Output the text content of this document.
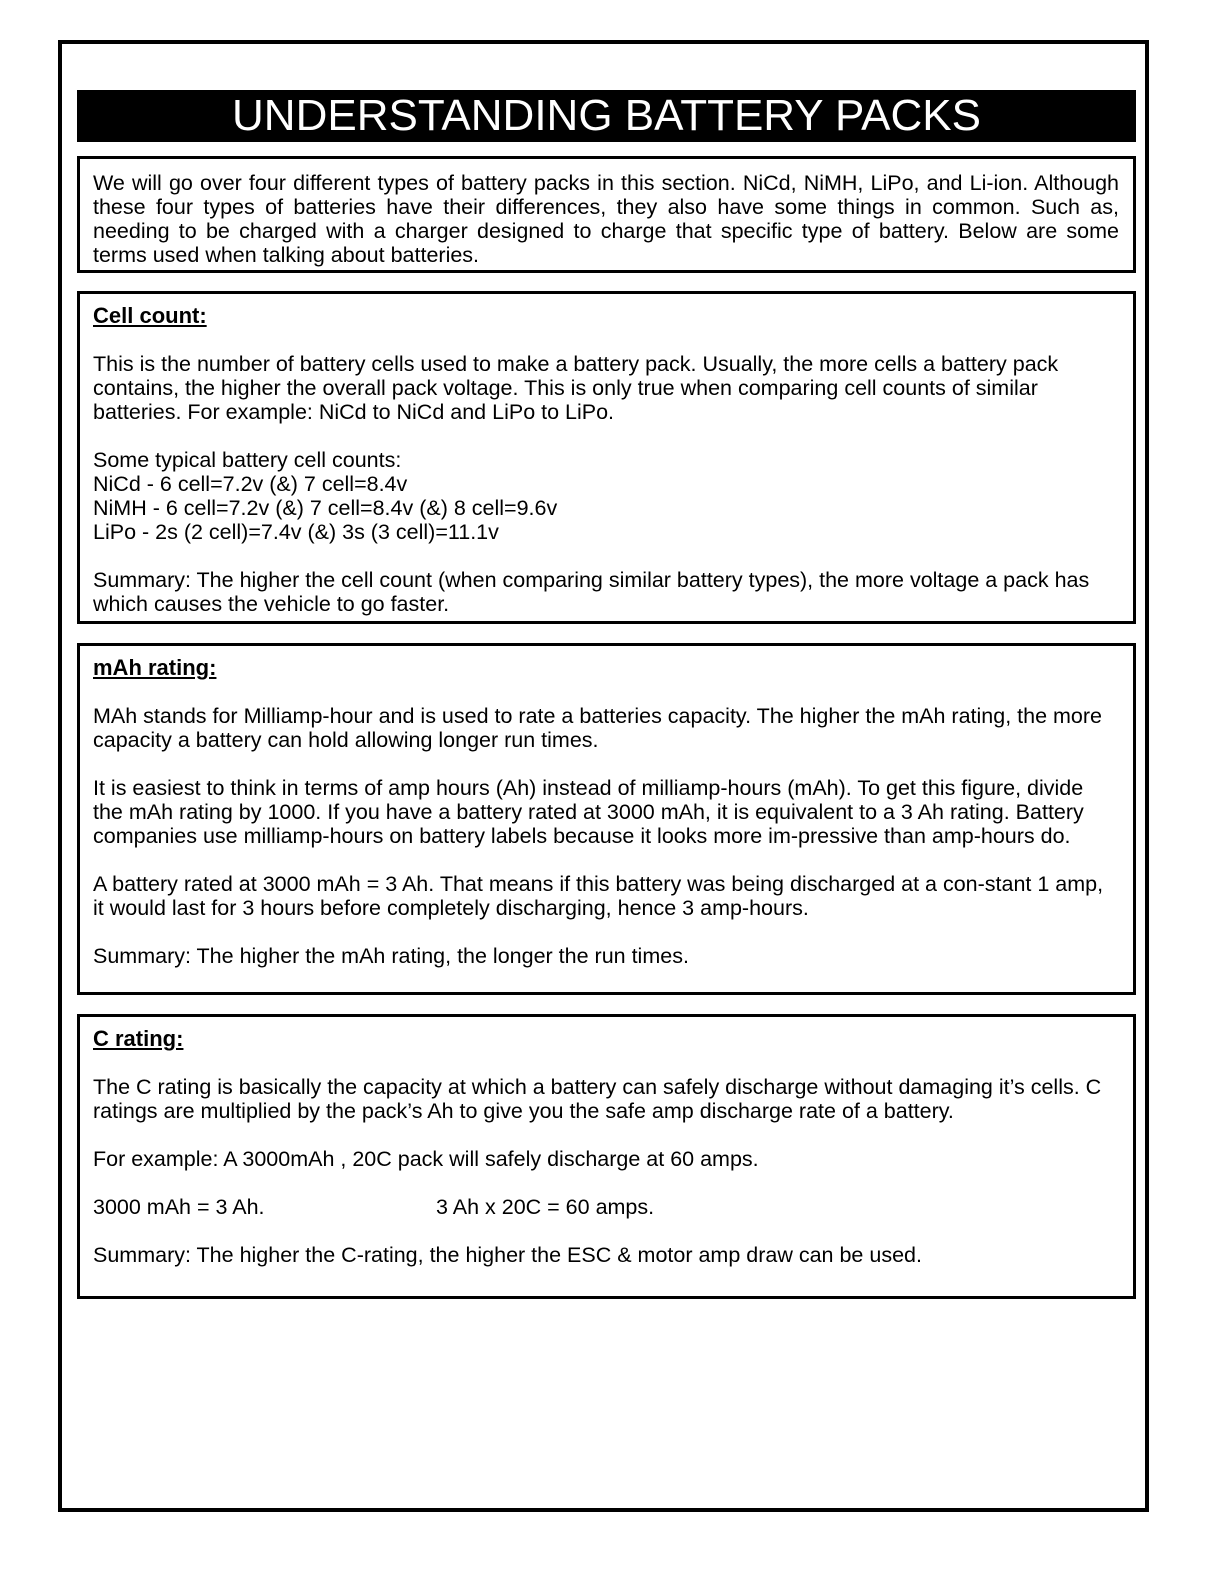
UNDERSTANDING BATTERY PACKS

We will go over four different types of battery packs in this section. NiCd, NiMH, LiPo, and Li-ion. Although these four types of batteries have their differences, they also have some things in common. Such as, needing to be charged with a charger designed to charge that specific type of battery. Below are some terms used when talking about batteries.

Cell count:

This is the number of battery cells used to make a battery pack. Usually, the more cells a battery pack contains, the higher the overall pack voltage. This is only true when comparing cell counts of similar batteries. For example: NiCd to NiCd and LiPo to LiPo.

Some typical battery cell counts:

NiCd - 6 cell=7.2v (&) 7 cell=8.4v

NiMH - 6 cell=7.2v (&) 7 cell=8.4v (&) 8 cell=9.6v

LiPo - 2s (2 cell)=7.4v (&) 3s (3 cell)=11.1v

Summary: The higher the cell count (when comparing similar battery types), the more voltage a pack has which causes the vehicle to go faster.

mAh rating:

MAh stands for Milliamp-hour and is used to rate a batteries capacity. The higher the mAh rating, the more capacity a battery can hold allowing longer run times.

It is easiest to think in terms of amp hours (Ah) instead of milliamp-hours (mAh). To get this figure, divide the mAh rating by 1000. If you have a battery rated at 3000 mAh, it is equivalent to a 3 Ah rating. Battery companies use milliamp-hours on battery labels because it looks more im-pressive than amp-hours do.

A battery rated at 3000 mAh = 3 Ah. That means if this battery was being discharged at a con-stant 1 amp, it would last for 3 hours before completely discharging, hence 3 amp-hours.

Summary: The higher the mAh rating, the longer the run times.

C rating:

The C rating is basically the capacity at which a battery can safely discharge without damaging it’s cells. C ratings are multiplied by the pack’s Ah to give you the safe amp discharge rate of a battery.

For example: A 3000mAh , 20C pack will safely discharge at 60 amps.

3000 mAh = 3 Ah.	3 Ah x 20C = 60 amps.

Summary: The higher the C-rating, the higher the ESC & motor amp draw can be used.
